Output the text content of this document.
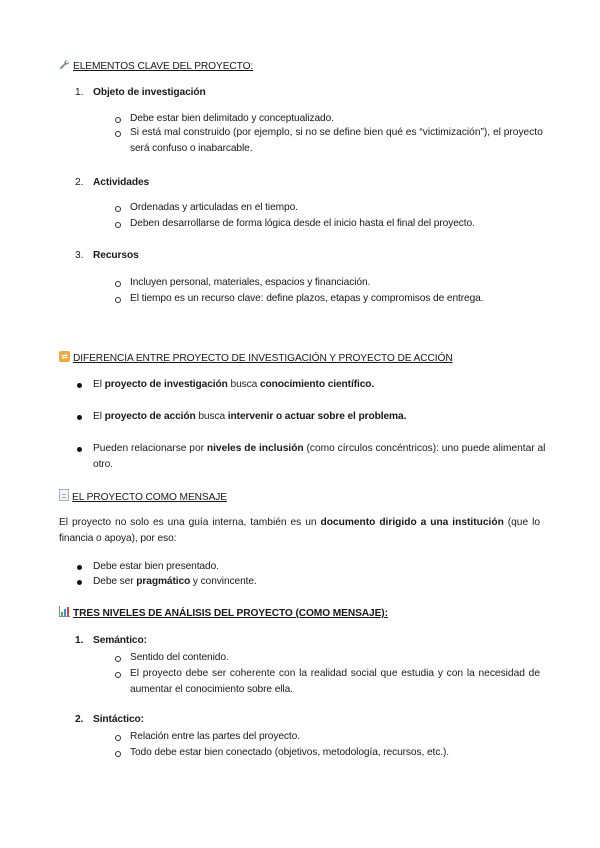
ELEMENTOS CLAVE DEL PROYECTO:
1. Objeto de investigación
Debe estar bien delimitado y conceptualizado.
Si está mal construido (por ejemplo, si no se define bien qué es “victimización”), el proyecto
será confuso o inabarcable.
2. Actividades
Ordenadas y articuladas en el tiempo.
Deben desarrollarse de forma lógica desde el inicio hasta el final del proyecto.
3. Recursos
Incluyen personal, materiales, espacios y financiación.
El tiempo es un recurso clave: define plazos, etapas y compromisos de entrega.
DIFERENCIA ENTRE PROYECTO DE INVESTIGACIÓN Y PROYECTO DE ACCIÓN
El proyecto de investigación busca conocimiento científico.
El proyecto de acción busca intervenir o actuar sobre el problema.
Pueden relacionarse por niveles de inclusión (como círculos concéntricos): uno puede alimentar al
otro.
EL PROYECTO COMO MENSAJE
El proyecto no solo es una guía interna, también es un documento dirigido a una institución (que lo
financia o apoya), por eso:
Debe estar bien presentado.
Debe ser pragmático y convincente.
TRES NIVELES DE ANÁLISIS DEL PROYECTO (COMO MENSAJE):
1. Semántico:
Sentido del contenido.
El proyecto debe ser coherente con la realidad social que estudia y con la necesidad de
aumentar el conocimiento sobre ella.
2. Sintáctico:
Relación entre las partes del proyecto.
Todo debe estar bien conectado (objetivos, metodología, recursos, etc.).
